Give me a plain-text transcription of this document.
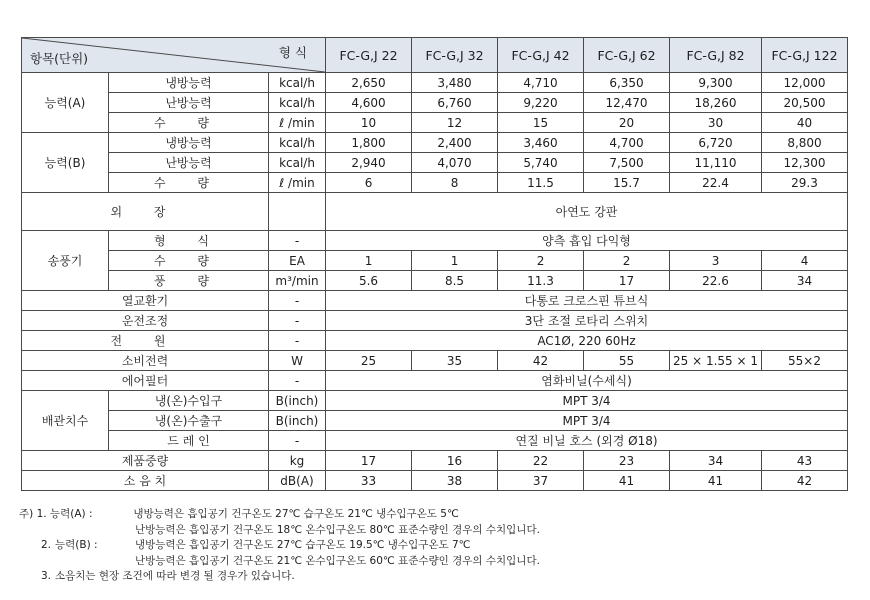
항목(단위) 형식			FC-G,J 22	FC-G,J 32	FC-G,J 42	FC-G,J 62	FC-G,J 82	FC-G,J 122
능력(A)	냉방능력	kcal/h	2,650	3,480	4,710	6,350	9,300	12,000
	난방능력	kcal/h	4,600	6,760	9,220	12,470	18,260	20,500
	수 량	ℓ /min	10	12	15	20	30	40
능력(B)	냉방능력	kcal/h	1,800	2,400	3,460	4,700	6,720	8,800
	난방능력	kcal/h	2,940	4,070	5,740	7,500	11,110	12,300
	수 량	ℓ /min	6	8	11.5	15.7	22.4	29.3
외 장			아연도 강판					
송풍기	형 식	-	양측 흡입 다익형					
	수 량	EA	1	1	2	2	3	4
	풍 량	m³/min	5.6	8.5	11.3	17	22.6	34
열교환기		-	다통로 크로스핀 튜브식					
운전조정		-	3단 조절 로타리 스위치					
전 원		-	AC1Ø, 220 60Hz					
소비전력		W	25	35	42	55	25 × 1.55 × 1	55×2
에어필터		-	염화비닐(수세식)					
배관치수	냉(온)수입구	B(inch)	MPT 3/4					
	냉(온)수출구	B(inch)	MPT 3/4					
	드 레 인	-	연질 비닐 호스 (외경 Ø18)					
제품중량		kg	17	16	22	23	34	43
소 음 치		dB(A)	33	38	37	41	41	42
주) 1. 능력(A) :	냉방능력은 흡입공기 건구온도 27℃ 습구온도 21℃ 냉수입구온도 5℃
난방능력은 흡입공기 건구온도 18℃ 온수입구온도 80℃ 표준수량인 경우의 수치입니다.
2. 능력(B) :	냉방능력은 흡입공기 건구온도 27℃ 습구온도 19.5℃ 냉수입구온도 7℃
난방능력은 흡입공기 건구온도 21℃ 온수입구온도 60℃ 표준수량인 경우의 수치입니다.
3. 소음치는 현장 조건에 따라 변경 될 경우가 있습니다.
